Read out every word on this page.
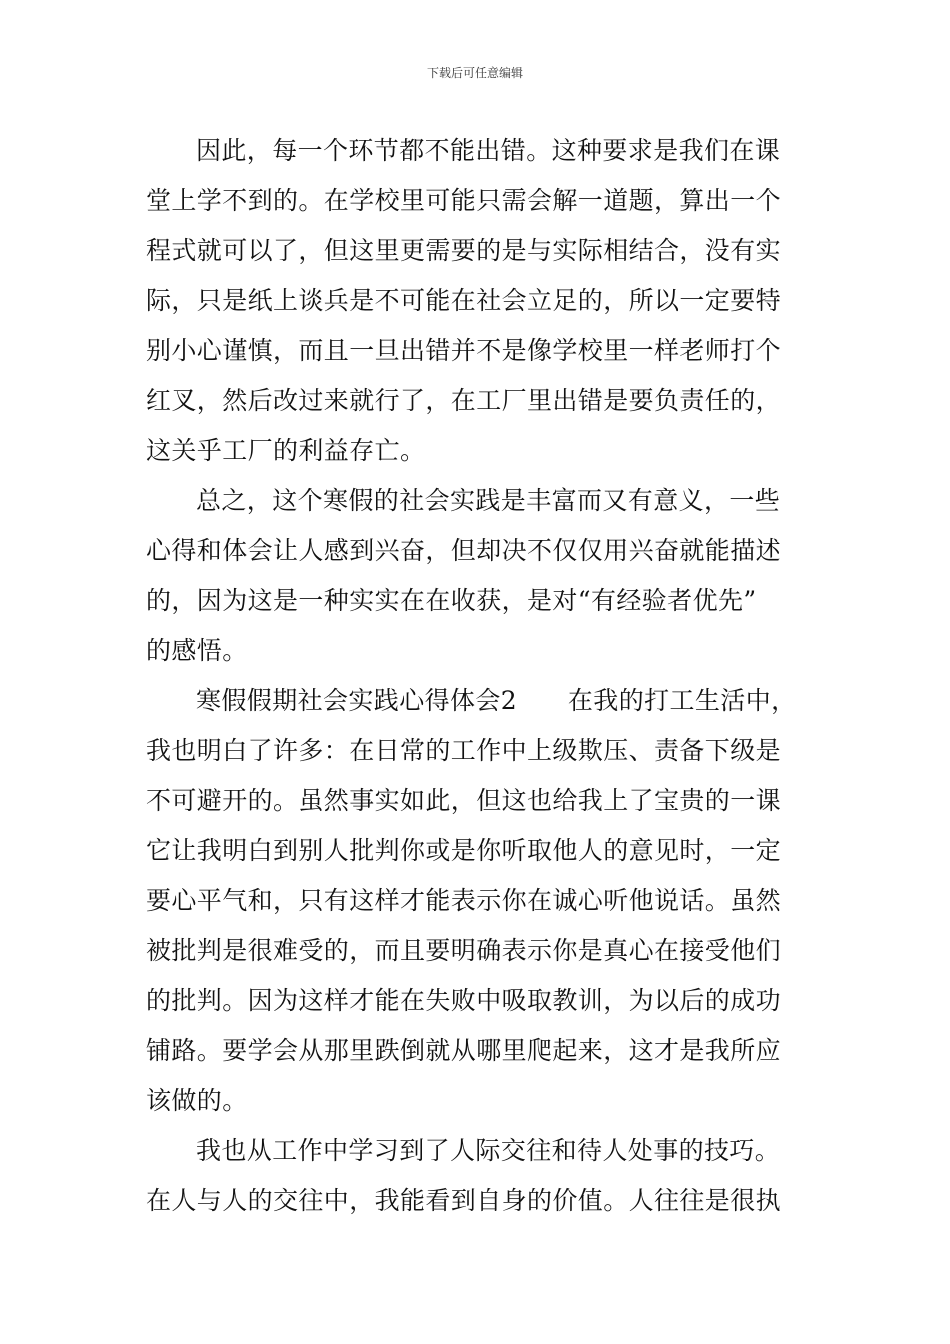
下载后可任意编辑
因此，每一个环节都不能出错。这种要求是我们在课
堂上学不到的。在学校里可能只需会解一道题，算出一个
程式就可以了，但这里更需要的是与实际相结合，没有实
际，只是纸上谈兵是不可能在社会立足的，所以一定要特
别小心谨慎，而且一旦出错并不是像学校里一样老师打个
红叉，然后改过来就行了，在工厂里出错是要负责任的，
这关乎工厂的利益存亡。
总之，这个寒假的社会实践是丰富而又有意义，一些
心得和体会让人感到兴奋，但却决不仅仅用兴奋就能描述
的，因为这是一种实实在在收获，是对“有经验者优先”
的感悟。
寒假假期社会实践心得体会2　　在我的打工生活中，
我也明白了许多：在日常的工作中上级欺压、责备下级是
不可避开的。虽然事实如此，但这也给我上了宝贵的一课
它让我明白到别人批判你或是你听取他人的意见时，一定
要心平气和，只有这样才能表示你在诚心听他说话。虽然
被批判是很难受的，而且要明确表示你是真心在接受他们
的批判。因为这样才能在失败中吸取教训，为以后的成功
铺路。要学会从那里跌倒就从哪里爬起来，这才是我所应
该做的。
我也从工作中学习到了人际交往和待人处事的技巧。
在人与人的交往中，我能看到自身的价值。人往往是很执
